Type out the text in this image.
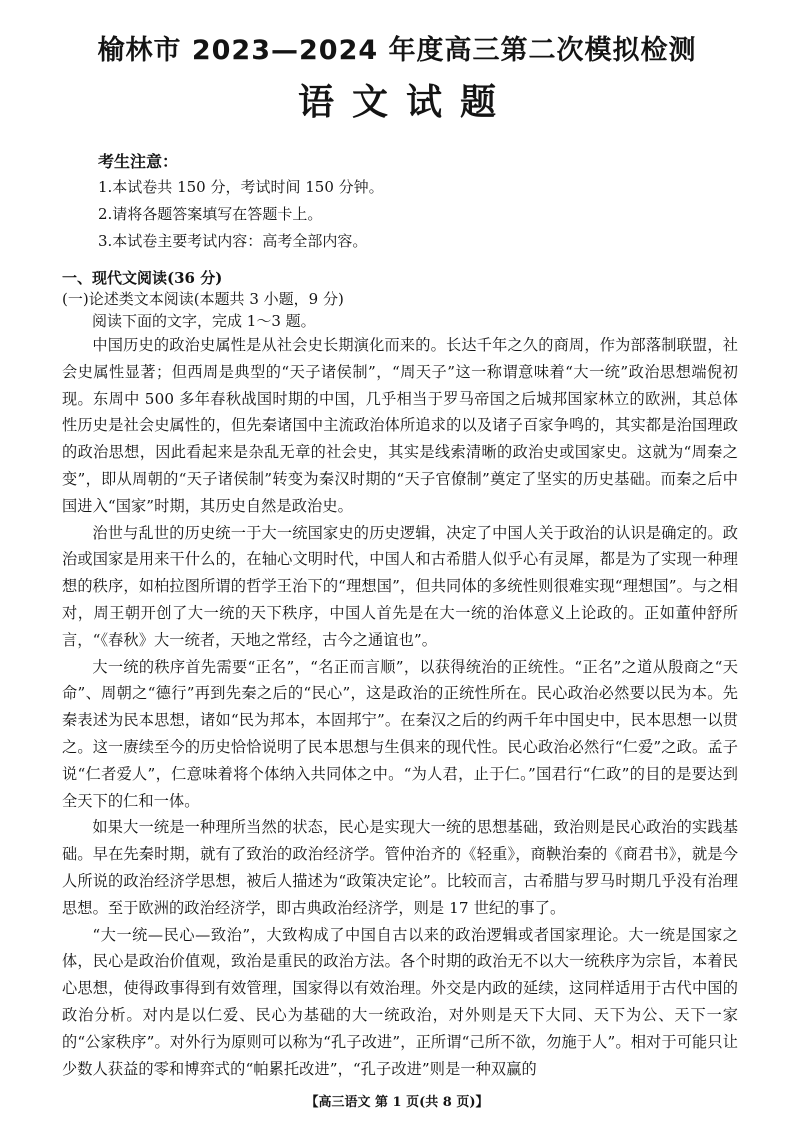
榆林市 2023—2024 年度高三第二次模拟检测
语文试题
考生注意：
1.本试卷共 150 分，考试时间 150 分钟。
2.请将各题答案填写在答题卡上。
3.本试卷主要考试内容：高考全部内容。
一、现代文阅读(36 分)
(一)论述类文本阅读(本题共 3 小题，9 分)
阅读下面的文字，完成 1～3 题。

中国历史的政治史属性是从社会史长期演化而来的。长达千年之久的商周，作为部落制联盟，社会史属性显著；但西周是典型的“天子诸侯制”，“周天子”这一称谓意味着“大一统”政治思想端倪初现。东周中 500 多年春秋战国时期的中国，几乎相当于罗马帝国之后城邦国家林立的欧洲，其总体性历史是社会史属性的，但先秦诸国中主流政治体所追求的以及诸子百家争鸣的，其实都是治国理政的政治思想，因此看起来是杂乱无章的社会史，其实是线索清晰的政治史或国家史。这就为“周秦之变”，即从周朝的“天子诸侯制”转变为秦汉时期的“天子官僚制”奠定了坚实的历史基础。而秦之后中国进入“国家”时期，其历史自然是政治史。

治世与乱世的历史统一于大一统国家史的历史逻辑，决定了中国人关于政治的认识是确定的。政治或国家是用来干什么的，在轴心文明时代，中国人和古希腊人似乎心有灵犀，都是为了实现一种理想的秩序，如柏拉图所谓的哲学王治下的“理想国”，但共同体的多统性则很难实现“理想国”。与之相对，周王朝开创了大一统的天下秩序，中国人首先是在大一统的治体意义上论政的。正如董仲舒所言，“《春秋》大一统者，天地之常经，古今之通谊也”。

大一统的秩序首先需要“正名”，“名正而言顺”，以获得统治的正统性。“正名”之道从殷商之“天命”、周朝之“德行”再到先秦之后的“民心”，这是政治的正统性所在。民心政治必然要以民为本。先秦表述为民本思想，诸如“民为邦本，本固邦宁”。在秦汉之后的约两千年中国史中，民本思想一以贯之。这一赓续至今的历史恰恰说明了民本思想与生俱来的现代性。民心政治必然行“仁爱”之政。孟子说“仁者爱人”，仁意味着将个体纳入共同体之中。“为人君，止于仁。”国君行“仁政”的目的是要达到全天下的仁和一体。

如果大一统是一种理所当然的状态，民心是实现大一统的思想基础，致治则是民心政治的实践基础。早在先秦时期，就有了致治的政治经济学。管仲治齐的《轻重》，商鞅治秦的《商君书》，就是今人所说的政治经济学思想，被后人描述为“政策决定论”。比较而言，古希腊与罗马时期几乎没有治理思想。至于欧洲的政治经济学，即古典政治经济学，则是 17 世纪的事了。

“大一统—民心—致治”，大致构成了中国自古以来的政治逻辑或者国家理论。大一统是国家之体，民心是政治价值观，致治是重民的政治方法。各个时期的政治无不以大一统秩序为宗旨，本着民心思想，使得政事得到有效管理，国家得以有效治理。外交是内政的延续，这同样适用于古代中国的政治分析。对内是以仁爱、民心为基础的大一统政治，对外则是天下大同、天下为公、天下一家的“公家秩序”。对外行为原则可以称为“孔子改进”，正所谓“己所不欲，勿施于人”。相对于可能只让少数人获益的零和博弈式的“帕累托改进”，“孔子改进”则是一种双赢的

【高三语文 第 1 页(共 8 页)】
